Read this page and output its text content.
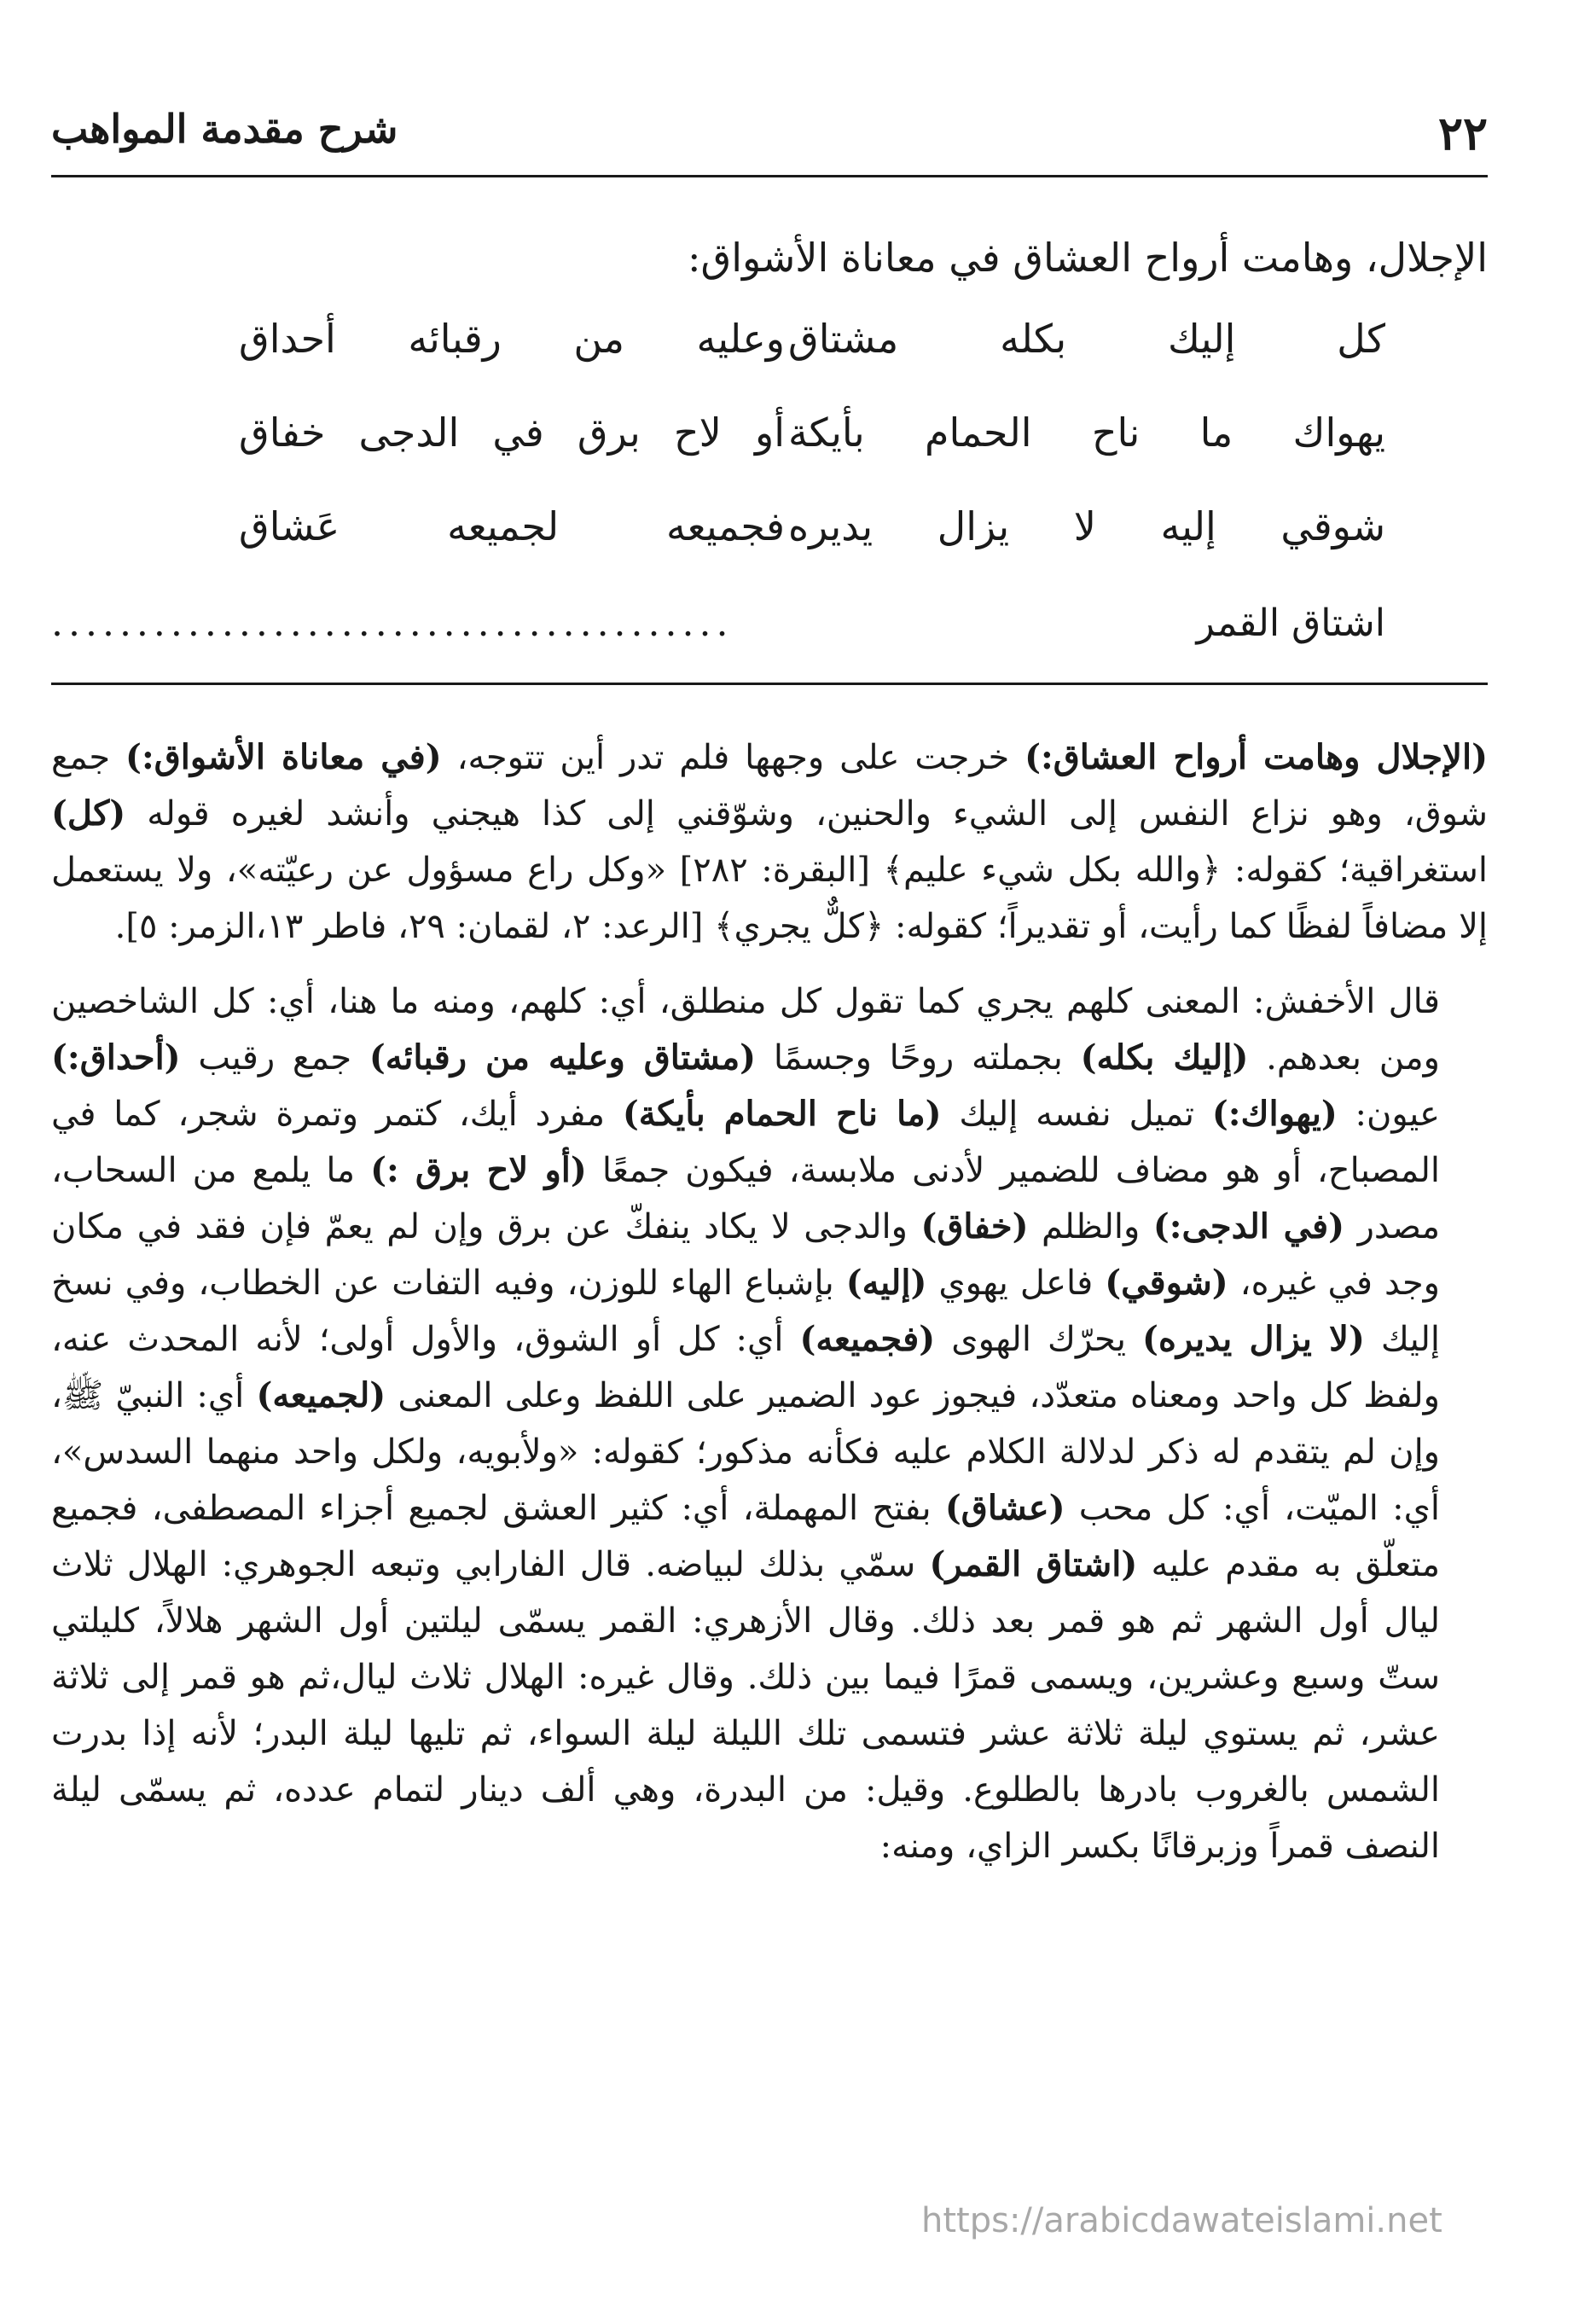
٢٢
شرح مقدمة المواهب
الإجلال، وهامت أرواح العشاق في معاناة الأشواق:
كل إليك بكله مشتاق
وعليه من رقبائه أحداق
يهواك ما ناح الحمام بأيكة
أو لاح برق في الدجى خفاق
شوقي إليه لا يزال يديره
فجميعه لجميعه عَشاق
اشتاق القمر
........................................

(الإجلال وهامت أرواح العشاق:) خرجت على وجهها فلم تدر أين تتوجه، (في معاناة الأشواق:) جمع شوق، وهو نزاع النفس إلى الشيء والحنين، وشوّقني إلى كذا هيجني وأنشد لغيره قوله (كل) استغراقية؛ كقوله: ﴿والله بكل شيء عليم﴾ [البقرة: ٢٨٢] «وكل راع مسؤول عن رعيّته»، ولا يستعمل إلا مضافاً لفظًا كما رأيت، أو تقديراً؛ كقوله: ﴿كلٌّ يجري﴾ [الرعد: ٢، لقمان: ٢٩، فاطر ١٣،الزمر: ٥].

قال الأخفش: المعنى كلهم يجري كما تقول كل منطلق، أي: كلهم، ومنه ما هنا، أي: كل الشاخصين ومن بعدهم. (إليك بكله) بجملته روحًا وجسمًا (مشتاق وعليه من رقبائه) جمع رقيب (أحداق:) عيون: (يهواك:) تميل نفسه إليك (ما ناح الحمام بأيكة) مفرد أيك، كتمر وتمرة شجر، كما في المصباح، أو هو مضاف للضمير لأدنى ملابسة، فيكون جمعًا (أو لاح برق :) ما يلمع من السحاب، مصدر (في الدجى:) والظلم (خفاق) والدجى لا يكاد ينفكّ عن برق وإن لم يعمّ فإن فقد في مكان وجد في غيره، (شوقي) فاعل يهوي (إليه) بإشباع الهاء للوزن، وفيه التفات عن الخطاب، وفي نسخ إليك (لا يزال يديره) يحرّك الهوى (فجميعه) أي: كل أو الشوق، والأول أولى؛ لأنه المحدث عنه، ولفظ كل واحد ومعناه متعدّد، فيجوز عود الضمير على اللفظ وعلى المعنى (لجميعه) أي: النبيّ ﷺ، وإن لم يتقدم له ذكر لدلالة الكلام عليه فكأنه مذكور؛ كقوله: «ولأبويه، ولكل واحد منهما السدس»، أي: الميّت، أي: كل محب (عشاق) بفتح المهملة، أي: كثير العشق لجميع أجزاء المصطفى، فجميع متعلّق به مقدم عليه (اشتاق القمر) سمّي بذلك لبياضه. قال الفارابي وتبعه الجوهري: الهلال ثلاث ليال أول الشهر ثم هو قمر بعد ذلك. وقال الأزهري: القمر يسمّى ليلتين أول الشهر هلالاً، كليلتي ستّ وسبع وعشرين، ويسمى قمرًا فيما بين ذلك. وقال غيره: الهلال ثلاث ليال،ثم هو قمر إلى ثلاثة عشر، ثم يستوي ليلة ثلاثة عشر فتسمى تلك الليلة ليلة السواء، ثم تليها ليلة البدر؛ لأنه إذا بدرت الشمس بالغروب بادرها بالطلوع. وقيل: من البدرة، وهي ألف دينار لتمام عدده، ثم يسمّى ليلة النصف قمراً وزبرقانًا بكسر الزاي، ومنه:

https://arabicdawateislami.net
